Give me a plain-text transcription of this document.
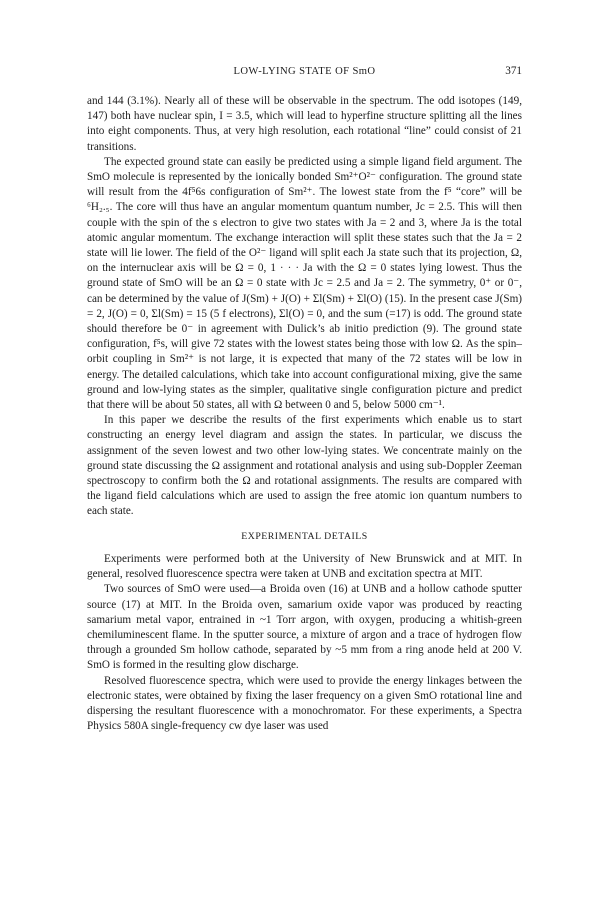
LOW-LYING STATE OF SmO	371

and 144 (3.1%). Nearly all of these will be observable in the spectrum. The odd isotopes (149, 147) both have nuclear spin, I = 3.5, which will lead to hyperfine structure splitting all the lines into eight components. Thus, at very high resolution, each rotational “line” could consist of 21 transitions.

The expected ground state can easily be predicted using a simple ligand field argument. The SmO molecule is represented by the ionically bonded Sm²⁺O²⁻ configuration. The ground state will result from the 4f⁵6s configuration of Sm²⁺. The lowest state from the f⁵ “core” will be ⁶H₂.₅. The core will thus have an angular momentum quantum number, Jc = 2.5. This will then couple with the spin of the s electron to give two states with Ja = 2 and 3, where Ja is the total atomic angular momentum. The exchange interaction will split these states such that the Ja = 2 state will lie lower. The field of the O²⁻ ligand will split each Ja state such that its projection, Ω, on the internuclear axis will be Ω = 0, 1 · · · Ja with the Ω = 0 states lying lowest. Thus the ground state of SmO will be an Ω = 0 state with Jc = 2.5 and Ja = 2. The symmetry, 0⁺ or 0⁻, can be determined by the value of J(Sm) + J(O) + Σl(Sm) + Σl(O) (15). In the present case J(Sm) = 2, J(O) = 0, Σl(Sm) = 15 (5 f electrons), Σl(O) = 0, and the sum (=17) is odd. The ground state should therefore be 0⁻ in agreement with Dulick’s ab initio prediction (9). The ground state configuration, f⁵s, will give 72 states with the lowest states being those with low Ω. As the spin–orbit coupling in Sm²⁺ is not large, it is expected that many of the 72 states will be low in energy. The detailed calculations, which take into account configurational mixing, give the same ground and low-lying states as the simpler, qualitative single configuration picture and predict that there will be about 50 states, all with Ω between 0 and 5, below 5000 cm⁻¹.

In this paper we describe the results of the first experiments which enable us to start constructing an energy level diagram and assign the states. In particular, we discuss the assignment of the seven lowest and two other low-lying states. We concentrate mainly on the ground state discussing the Ω assignment and rotational analysis and using sub-Doppler Zeeman spectroscopy to confirm both the Ω and rotational assignments. The results are compared with the ligand field calculations which are used to assign the free atomic ion quantum numbers to each state.

EXPERIMENTAL DETAILS

Experiments were performed both at the University of New Brunswick and at MIT. In general, resolved fluorescence spectra were taken at UNB and excitation spectra at MIT.

Two sources of SmO were used—a Broida oven (16) at UNB and a hollow cathode sputter source (17) at MIT. In the Broida oven, samarium oxide vapor was produced by reacting samarium metal vapor, entrained in ~1 Torr argon, with oxygen, producing a whitish-green chemiluminescent flame. In the sputter source, a mixture of argon and a trace of hydrogen flow through a grounded Sm hollow cathode, separated by ~5 mm from a ring anode held at 200 V. SmO is formed in the resulting glow discharge.

Resolved fluorescence spectra, which were used to provide the energy linkages between the electronic states, were obtained by fixing the laser frequency on a given SmO rotational line and dispersing the resultant fluorescence with a monochromator. For these experiments, a Spectra Physics 580A single-frequency cw dye laser was used
